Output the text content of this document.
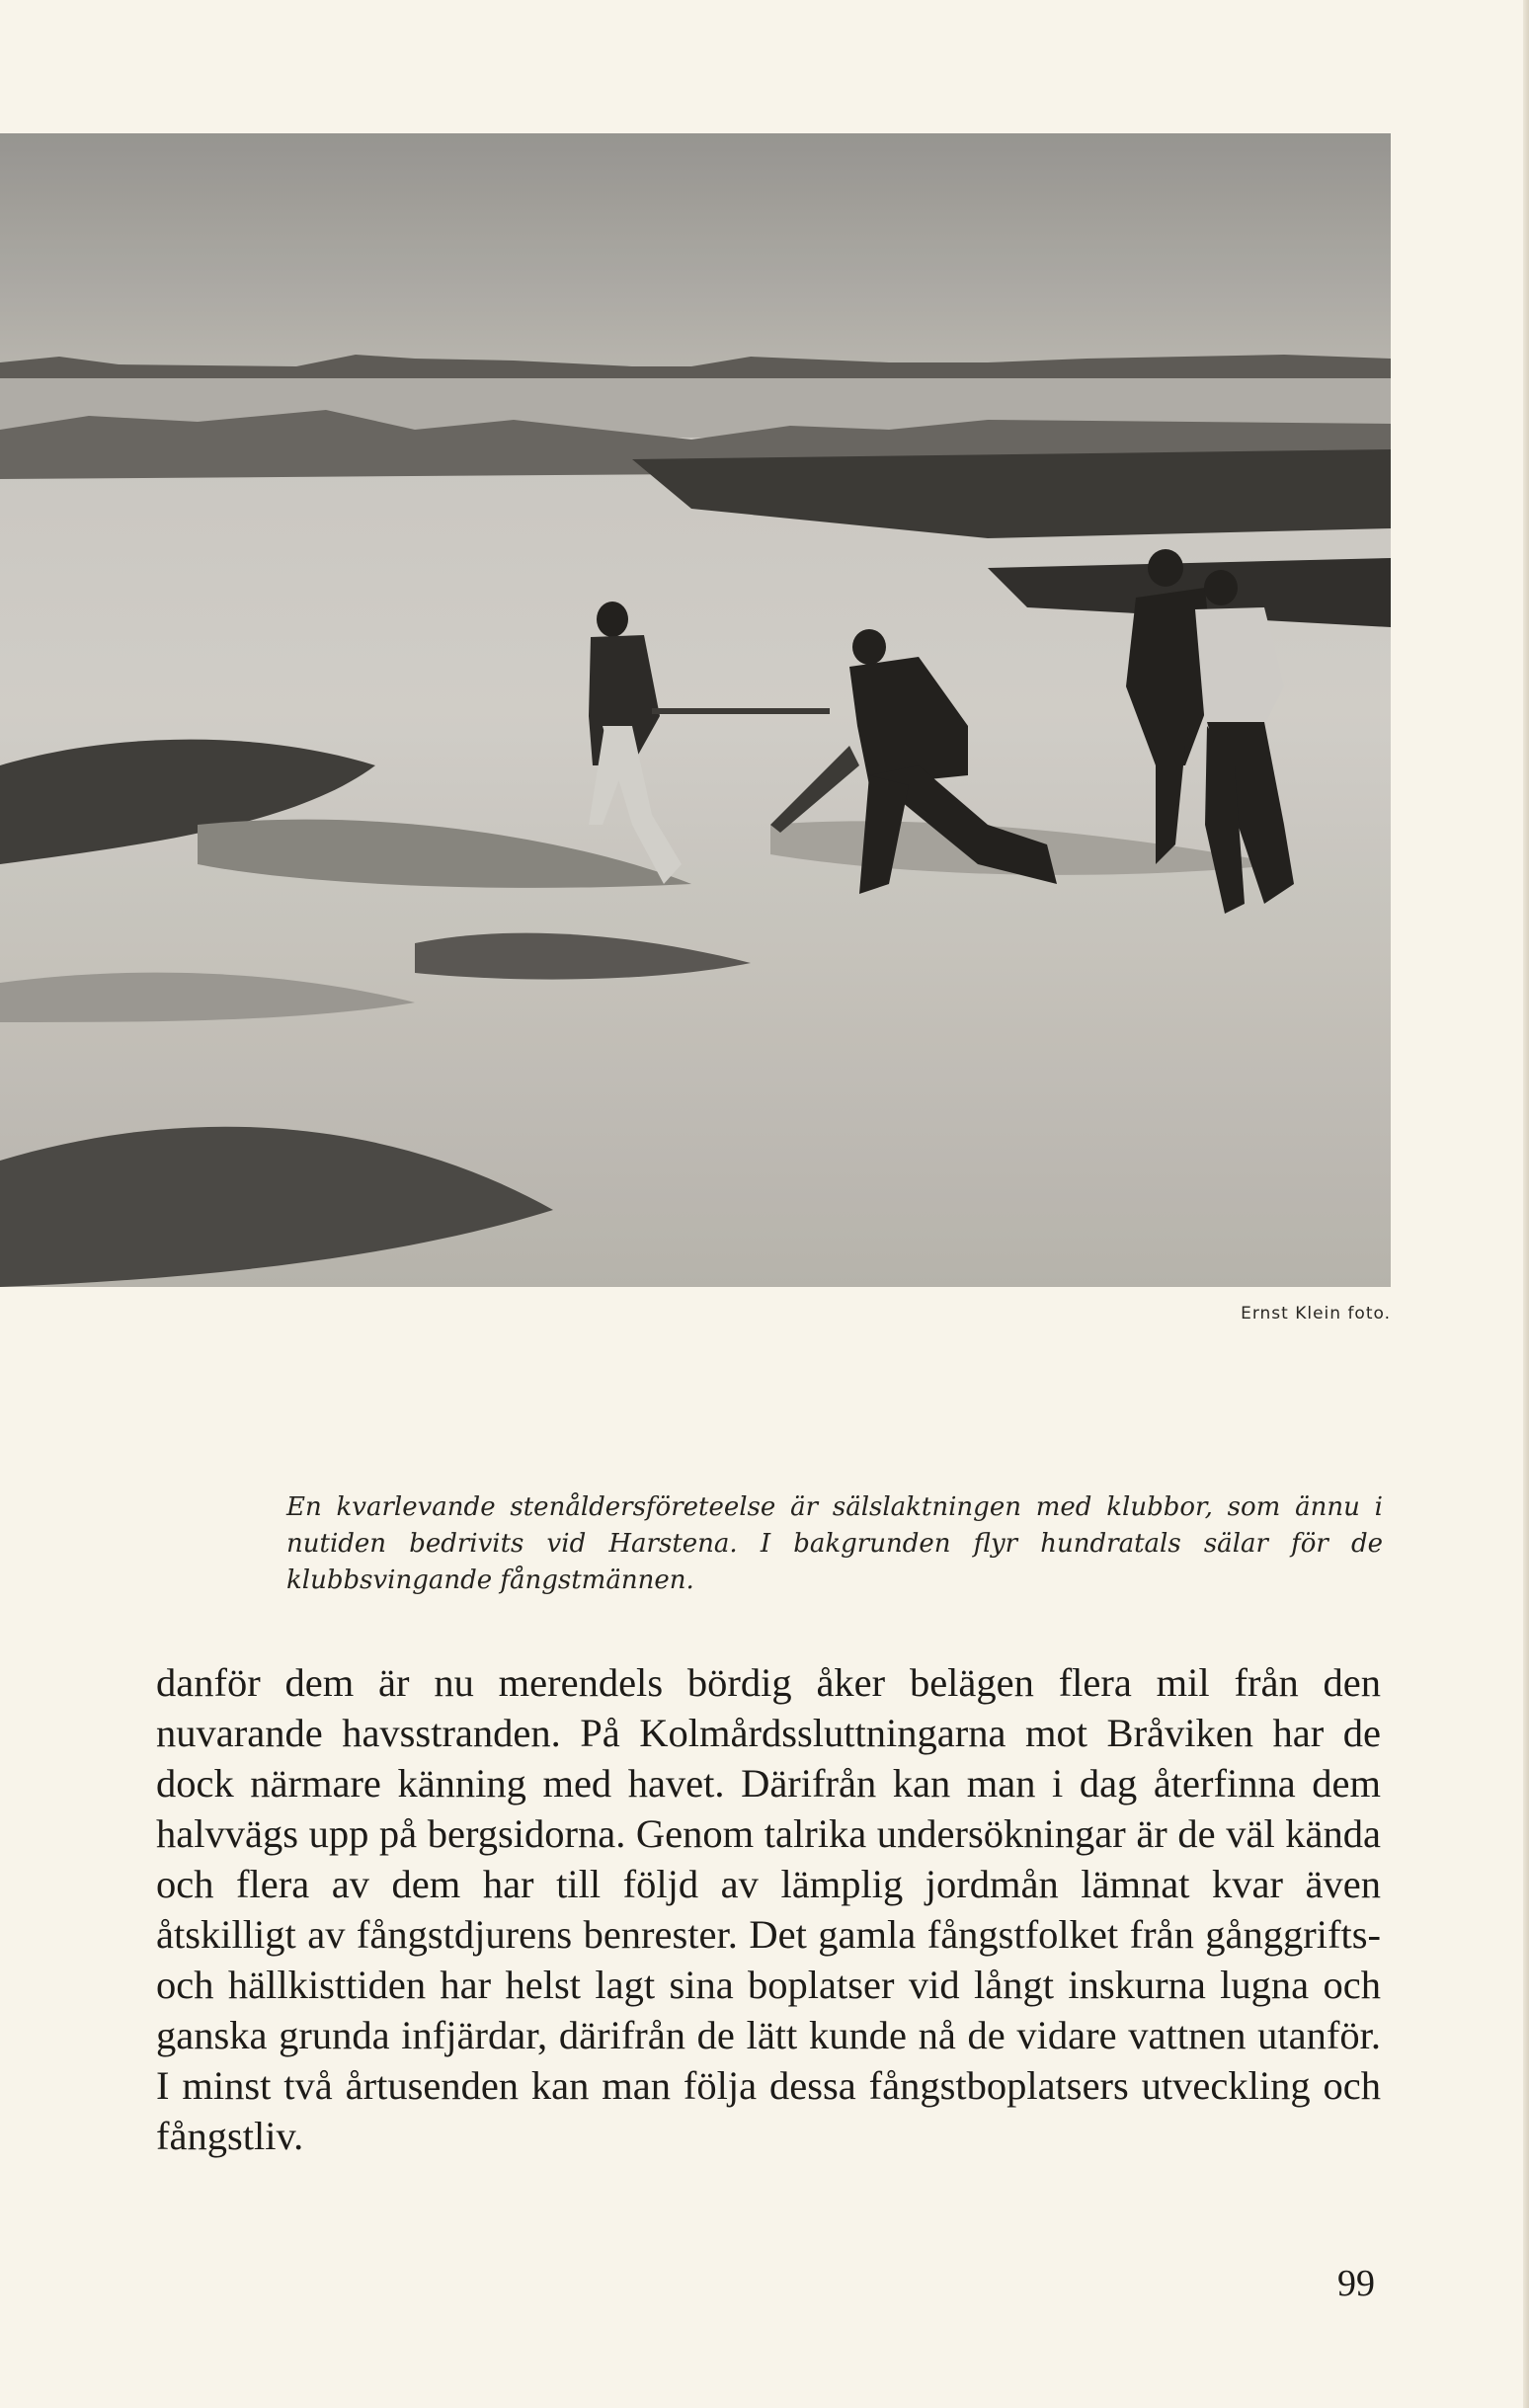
Ernst Klein foto.

En kvarlevande stenåldersföreteelse är sälslaktningen med klubbor, som ännu i nutiden bedrivits vid Harstena. I bakgrunden flyr hundratals sälar för de klubbsvingande fångstmännen.

danför dem är nu merendels bördig åker belägen flera mil från den nuvarande havsstranden. På Kolmårdssluttningarna mot Bråviken har de dock närmare känning med havet. Därifrån kan man i dag återfinna dem halvvägs upp på bergsidorna. Genom talrika undersökningar är de väl kända och flera av dem har till följd av lämplig jordmån lämnat kvar även åtskilligt av fångstdjurens benrester. Det gamla fångstfolket från gånggrifts- och hällkisttiden har helst lagt sina boplatser vid långt inskurna lugna och ganska grunda infjärdar, därifrån de lätt kunde nå de vidare vattnen utanför. I minst två årtusenden kan man följa dessa fångstboplatsers utveckling och fångstliv.

99
